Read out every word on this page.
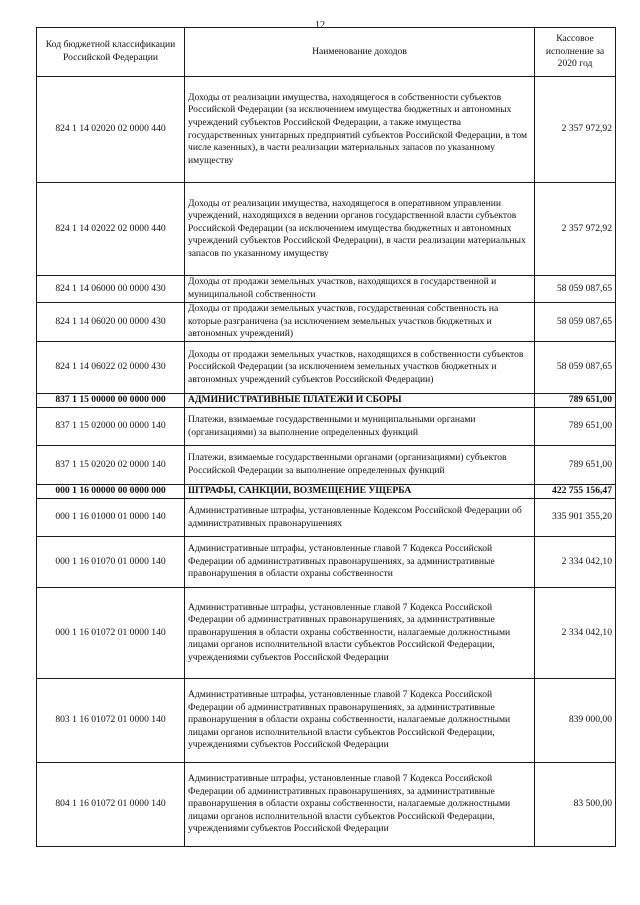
12
Код бюджетной классификации Российской Федерации	Наименование доходов	Кассовое исполнение за 2020 год
824 1 14 02020 02 0000 440	Доходы от реализации имущества, находящегося в собственности субъектов Российской Федерации (за исключением имущества бюджетных и автономных учреждений субъектов Российской Федерации, а также имущества государственных унитарных предприятий субъектов Российской Федерации, в том числе казенных), в части реализации материальных запасов по указанному имуществу	2 357 972,92
824 1 14 02022 02 0000 440	Доходы от реализации имущества, находящегося в оперативном управлении учреждений, находящихся в ведении органов государственной власти субъектов Российской Федерации (за исключением имущества бюджетных и автономных учреждений субъектов Российской Федерации), в части реализации материальных запасов по указанному имуществу	2 357 972,92
824 1 14 06000 00 0000 430	Доходы от продажи земельных участков, находящихся в государственной и муниципальной собственности	58 059 087,65
824 1 14 06020 00 0000 430	Доходы от продажи земельных участков, государственная собственность на которые разграничена (за исключением земельных участков бюджетных и автономных учреждений)	58 059 087,65
824 1 14 06022 02 0000 430	Доходы от продажи земельных участков, находящихся в собственности субъектов Российской Федерации (за исключением земельных участков бюджетных и автономных учреждений субъектов Российской Федерации)	58 059 087,65
837 1 15 00000 00 0000 000	АДМИНИСТРАТИВНЫЕ ПЛАТЕЖИ И СБОРЫ	789 651,00
837 1 15 02000 00 0000 140	Платежи, взимаемые государственными и муниципальными органами (организациями) за выполнение определенных функций	789 651,00
837 1 15 02020 02 0000 140	Платежи, взимаемые государственными органами (организациями) субъектов Российской Федерации за выполнение определенных функций	789 651,00
000 1 16 00000 00 0000 000	ШТРАФЫ, САНКЦИИ, ВОЗМЕЩЕНИЕ УЩЕРБА	422 755 156,47
000 1 16 01000 01 0000 140	Административные штрафы, установленные Кодексом Российской Федерации об административных правонарушениях	335 901 355,20
000 1 16 01070 01 0000 140	Административные штрафы, установленные главой 7 Кодекса Российской Федерации об административных правонарушениях, за административные правонарушения в области охраны собственности	2 334 042,10
000 1 16 01072 01 0000 140	Административные штрафы, установленные главой 7 Кодекса Российской Федерации об административных правонарушениях, за административные правонарушения в области охраны собственности, налагаемые должностными лицами органов исполнительной власти субъектов Российской Федерации, учреждениями субъектов Российской Федерации	2 334 042,10
803 1 16 01072 01 0000 140	Административные штрафы, установленные главой 7 Кодекса Российской Федерации об административных правонарушениях, за административные правонарушения в области охраны собственности, налагаемые должностными лицами органов исполнительной власти субъектов Российской Федерации, учреждениями субъектов Российской Федерации	839 000,00
804 1 16 01072 01 0000 140	Административные штрафы, установленные главой 7 Кодекса Российской Федерации об административных правонарушениях, за административные правонарушения в области охраны собственности, налагаемые должностными лицами органов исполнительной власти субъектов Российской Федерации, учреждениями субъектов Российской Федерации	83 500,00
